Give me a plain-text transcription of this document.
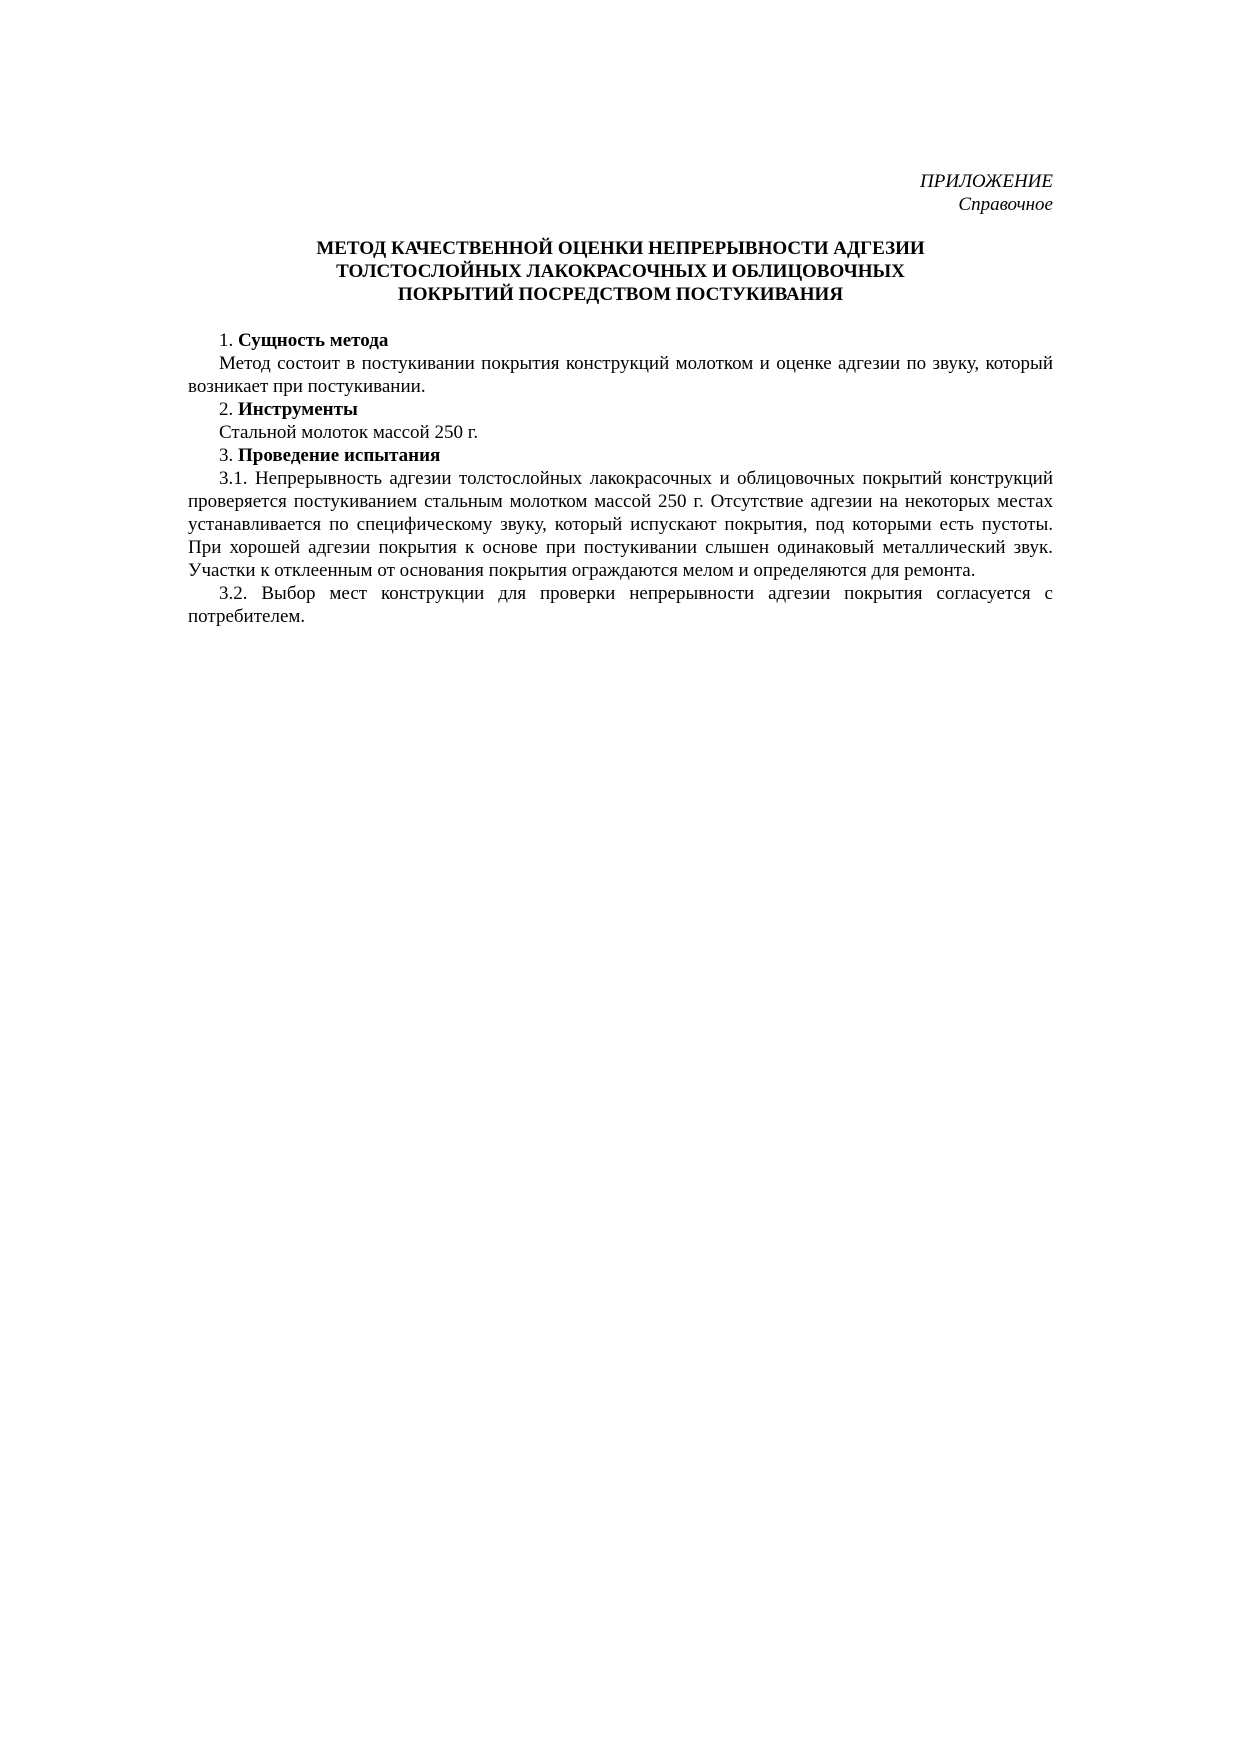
ПРИЛОЖЕНИЕ
Справочное
МЕТОД КАЧЕСТВЕННОЙ ОЦЕНКИ НЕПРЕРЫВНОСТИ АДГЕЗИИ
ТОЛСТОСЛОЙНЫХ ЛАКОКРАСОЧНЫХ И ОБЛИЦОВОЧНЫХ
ПОКРЫТИЙ ПОСРЕДСТВОМ ПОСТУКИВАНИЯ
1. Сущность метода
Метод состоит в постукивании покрытия конструкций молотком и оценке адгезии по звуку, который возникает при постукивании.
2. Инструменты
Стальной молоток массой 250 г.
3. Проведение испытания
3.1. Непрерывность адгезии толстослойных лакокрасочных и облицовочных покрытий конструкций проверяется постукиванием стальным молотком массой 250 г. Отсутствие адгезии на некоторых местах устанавливается по специфическому звуку, который испускают покрытия, под которыми есть пустоты. При хорошей адгезии покрытия к основе при постукивании слышен одинаковый металлический звук. Участки к отклеенным от основания покрытия ограждаются мелом и определяются для ремонта.
3.2. Выбор мест конструкции для проверки непрерывности адгезии покрытия согласуется с потребителем.
